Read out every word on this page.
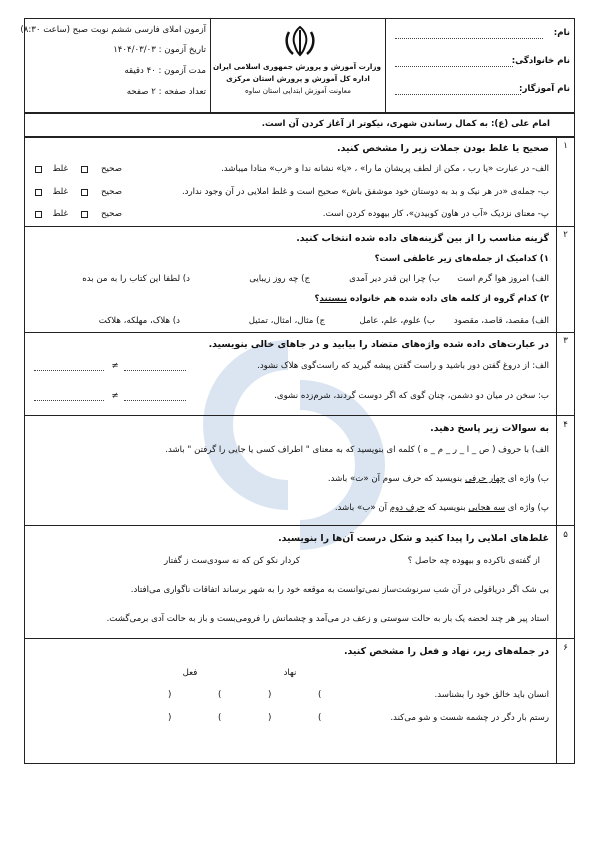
آزمون املای فارسی ششم نوبت صبح (ساعت ۸:۳۰)
تاریخ آزمون : ۱۴۰۴/۰۳/۰۳
مدت آزمون : ۴۰ دقیقه
تعداد صفحه : ۲ صفحه
وزارت آموزش و پرورش جمهوری اسلامی ایران
اداره کل آموزش و پرورش استان مرکزی
معاونت آموزش ابتدایی استان ساوه
نام:
نام خانوادگی:
نام آموزگار:
امام علی (ع): به کمال رساندن شهری، نیکوتر از آغاز کردن آن است.
۱
صحیح یا غلط بودن جملات زیر را مشخص کنید.
الف- در عبارت «یا رب ، مکن از لطف پریشان ما را» ، «یا» نشانه ندا و «رب» منادا میباشد.
ب- جمله‌ی «در هر نیک و بد به دوستان خود موشفق باش» صحیح است و غلط املایی در آن وجود ندارد.
پ- معنای نزدیک «آب در هاون کوبیدن»، کار بیهوده کردن است.
صحیح
غلط
صحیح
غلط
صحیح
غلط
۲
گزینه مناسب را از بین گزینه‌های داده شده انتخاب کنید.
۱) کدامیک از جمله‌های زیر عاطفی است؟
الف) امروز هوا گرم است
ب) چرا این قدر دیر آمدی
ج) چه روز زیبایی
د) لطفا این کتاب را به من بده
۲) کدام گروه از کلمه های داده شده هم خانواده نیستند؟
الف) مقصد، قاصد، مقصود
ب) علوم، علم، عامل
ج) مثال، امثال، تمثیل
د) هلاک، مهلکه، هلاکت
۳
در عبارت‌های داده شده واژه‌های متضاد را بیابید و در جاهای خالی بنویسید.
الف: از دروغ گفتن دور باشید و راست گفتن پیشه گیرید که راست‌گوی هلاک نشود.
≠
ب: سخن در میان دو دشمن، چنان گوی که اگر دوست گردند، شرم‌زده نشوی.
≠
۴
به سوالات زیر پاسخ دهید.
الف) با حروف ( ص _ ا _ ر _ م _ ه ) کلمه ای بنویسید که به معنای " اطراف کسی یا جایی را گرفتن " باشد.
ب) واژه ای چهار حرفی بنویسید که حرف سوم آن «ت» باشد.
پ) واژه ای سه هجایی بنویسید که حرف دوم آن «ب» باشد.
۵
غلط‌های املایی را پیدا کنید و شکل درست آن‌ها را بنویسید.
از گفته‌ی ناکرده و بیهوده چه حاصل ؟
کردار نکو کن که نه سودی‌ست ز گفتار
بی شک اگر دریاقولی در آن شب سرنوشت‌ساز نمی‌توانست به موقعه خود را به شهر برساند اتفاقات ناگواری می‌افتاد.
استاد پیر هر چند لحضه یک بار به حالت سوستی و زعف در می‌آمد و چشمانش را فرومی‌بست و باز به حالت آدی برمی‌گشت.
۶
در جمله‌های زیر، نهاد و فعل را مشخص کنید.
نهاد
فعل
انسان باید خالق خود را بشناسد.
(
)
(
)
رستم بار دگر در چشمه شست و شو می‌کند.
(
)
(
)
